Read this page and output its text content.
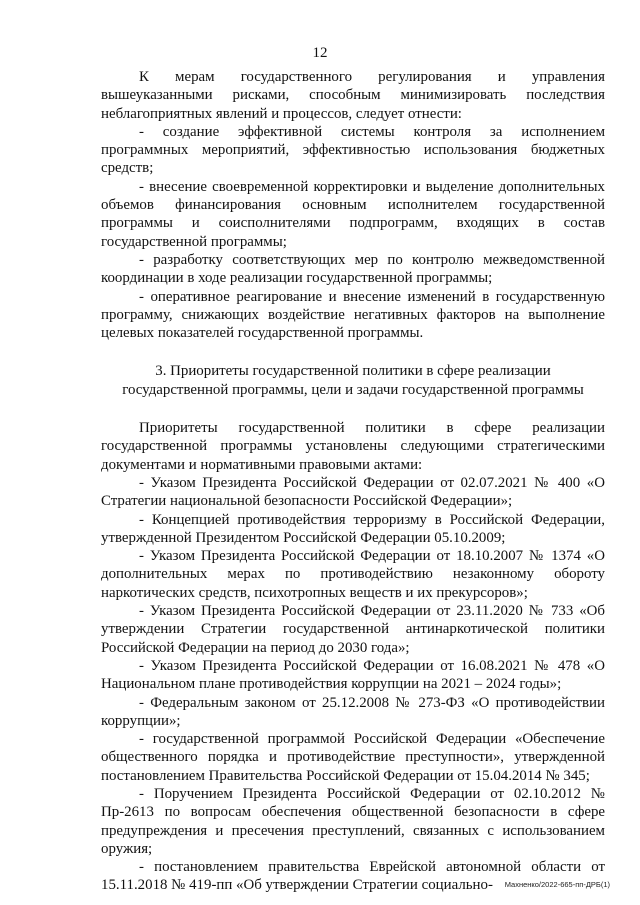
12

К мерам государственного регулирования и управления вышеуказанными рисками, способным минимизировать последствия неблагоприятных явлений и процессов, следует отнести:

- создание эффективной системы контроля за исполнением программных мероприятий, эффективностью использования бюджетных средств;

- внесение своевременной корректировки и выделение дополнительных объемов финансирования основным исполнителем государственной программы и соисполнителями подпрограмм, входящих в состав государственной программы;

- разработку соответствующих мер по контролю межведомственной координации в ходе реализации государственной программы;

- оперативное реагирование и внесение изменений в государственную программу, снижающих воздействие негативных факторов на выполнение целевых показателей государственной программы.

3. Приоритеты государственной политики в сфере реализации

государственной программы, цели и задачи государственной программы

Приоритеты государственной политики в сфере реализации государственной программы установлены следующими стратегическими документами и нормативными правовыми актами:

- Указом Президента Российской Федерации от 02.07.2021 № 400 «О Стратегии национальной безопасности Российской Федерации»;

- Концепцией противодействия терроризму в Российской Федерации, утвержденной Президентом Российской Федерации 05.10.2009;

- Указом Президента Российской Федерации от 18.10.2007 № 1374 «О дополнительных мерах по противодействию незаконному обороту наркотических средств, психотропных веществ и их прекурсоров»;

- Указом Президента Российской Федерации от 23.11.2020 № 733 «Об утверждении Стратегии государственной антинаркотической политики Российской Федерации на период до 2030 года»;

- Указом Президента Российской Федерации от 16.08.2021 № 478 «О Национальном плане противодействия коррупции на 2021 – 2024 годы»;

- Федеральным законом от 25.12.2008 № 273-ФЗ «О противодействии коррупции»;

- государственной программой Российской Федерации «Обеспечение общественного порядка и противодействие преступности», утвержденной постановлением Правительства Российской Федерации от 15.04.2014 № 345;

- Поручением Президента Российской Федерации от 02.10.2012 № Пр-2613 по вопросам обеспечения общественной безопасности в сфере предупреждения и пресечения преступлений, связанных с использованием оружия;

- постановлением правительства Еврейской автономной области от 15.11.2018 № 419-пп «Об утверждении Стратегии социально-	Махненко/2022-665-пп-ДРБ(1)
